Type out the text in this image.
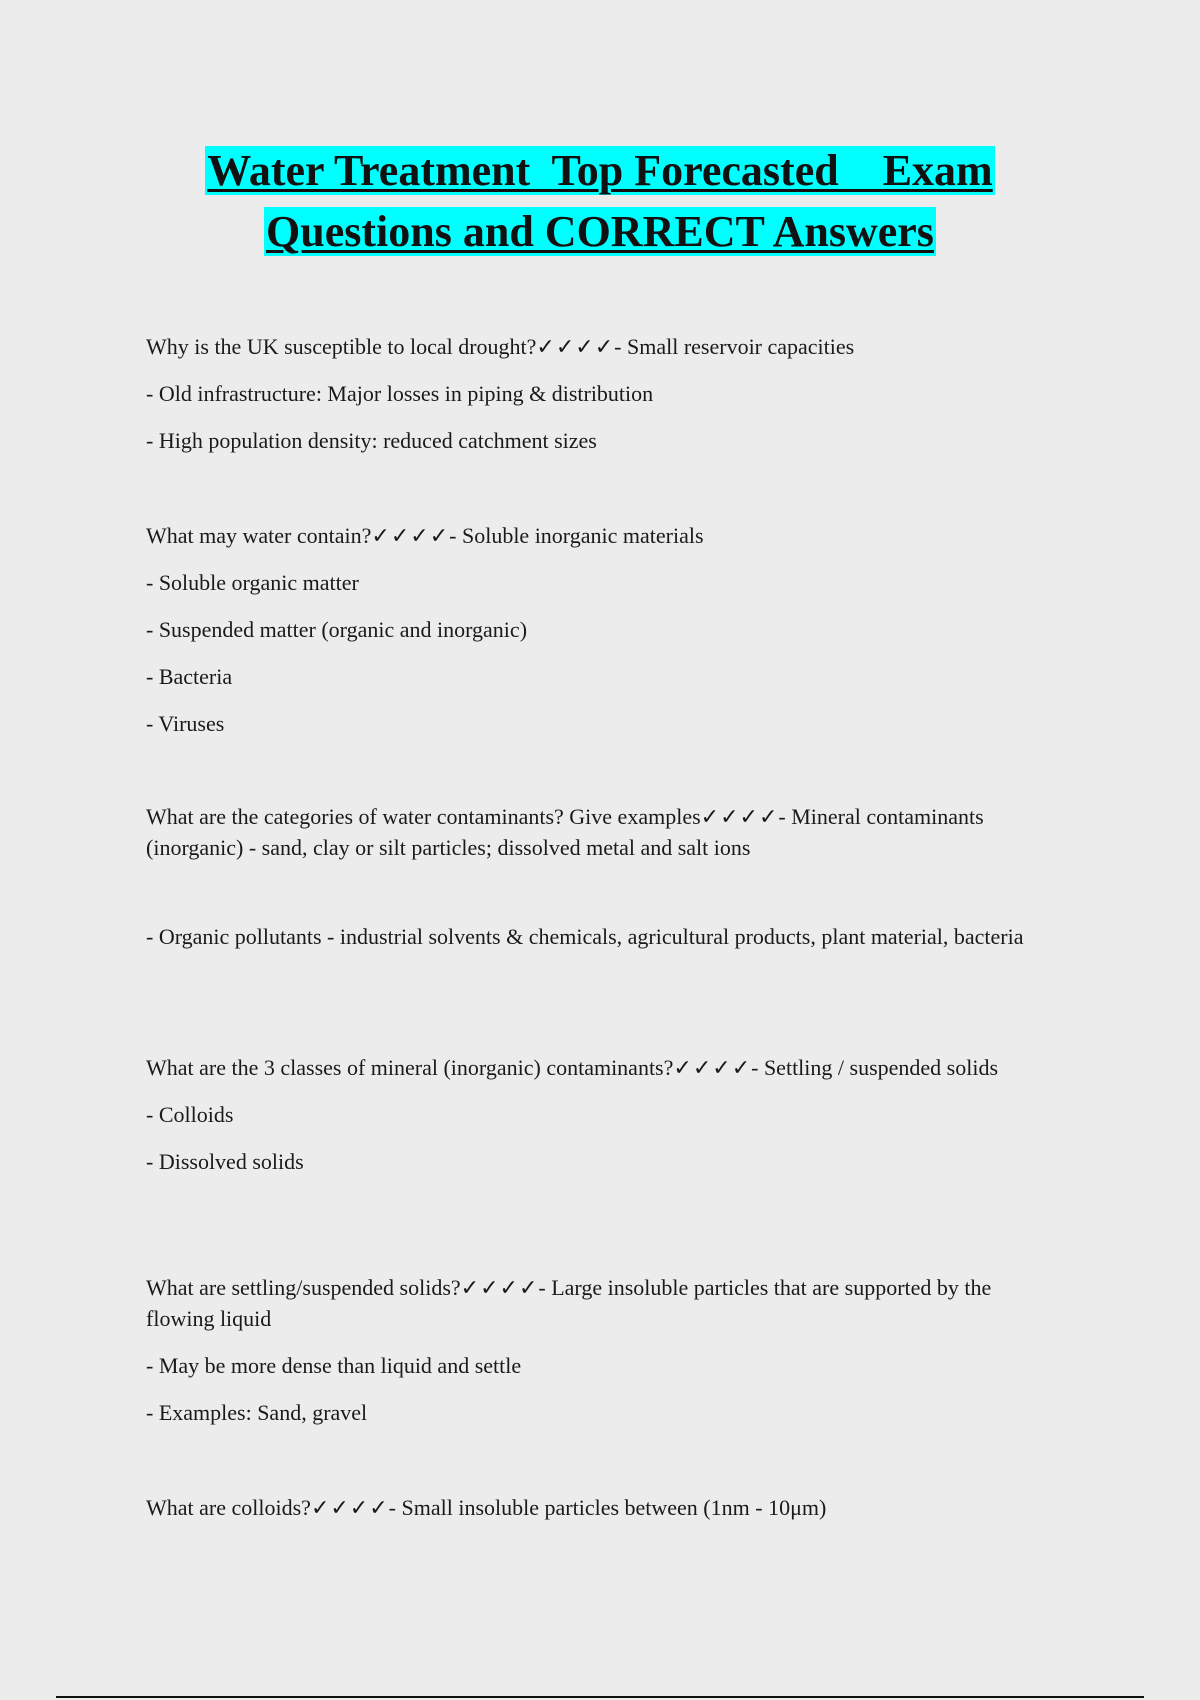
Water Treatment  Top Forecasted    Exam
Questions and CORRECT Answers

Why is the UK susceptible to local drought?✓✓✓✓- Small reservoir capacities

- Old infrastructure: Major losses in piping & distribution

- High population density: reduced catchment sizes

What may water contain?✓✓✓✓- Soluble inorganic materials

- Soluble organic matter

- Suspended matter (organic and inorganic)

- Bacteria

- Viruses

What are the categories of water contaminants? Give examples✓✓✓✓- Mineral contaminants (inorganic) - sand, clay or silt particles; dissolved metal and salt ions

- Organic pollutants - industrial solvents & chemicals, agricultural products, plant material, bacteria

What are the 3 classes of mineral (inorganic) contaminants?✓✓✓✓- Settling / suspended solids

- Colloids

- Dissolved solids

What are settling/suspended solids?✓✓✓✓- Large insoluble particles that are supported by the flowing liquid

- May be more dense than liquid and settle

- Examples: Sand, gravel

What are colloids?✓✓✓✓- Small insoluble particles between (1nm - 10μm)
